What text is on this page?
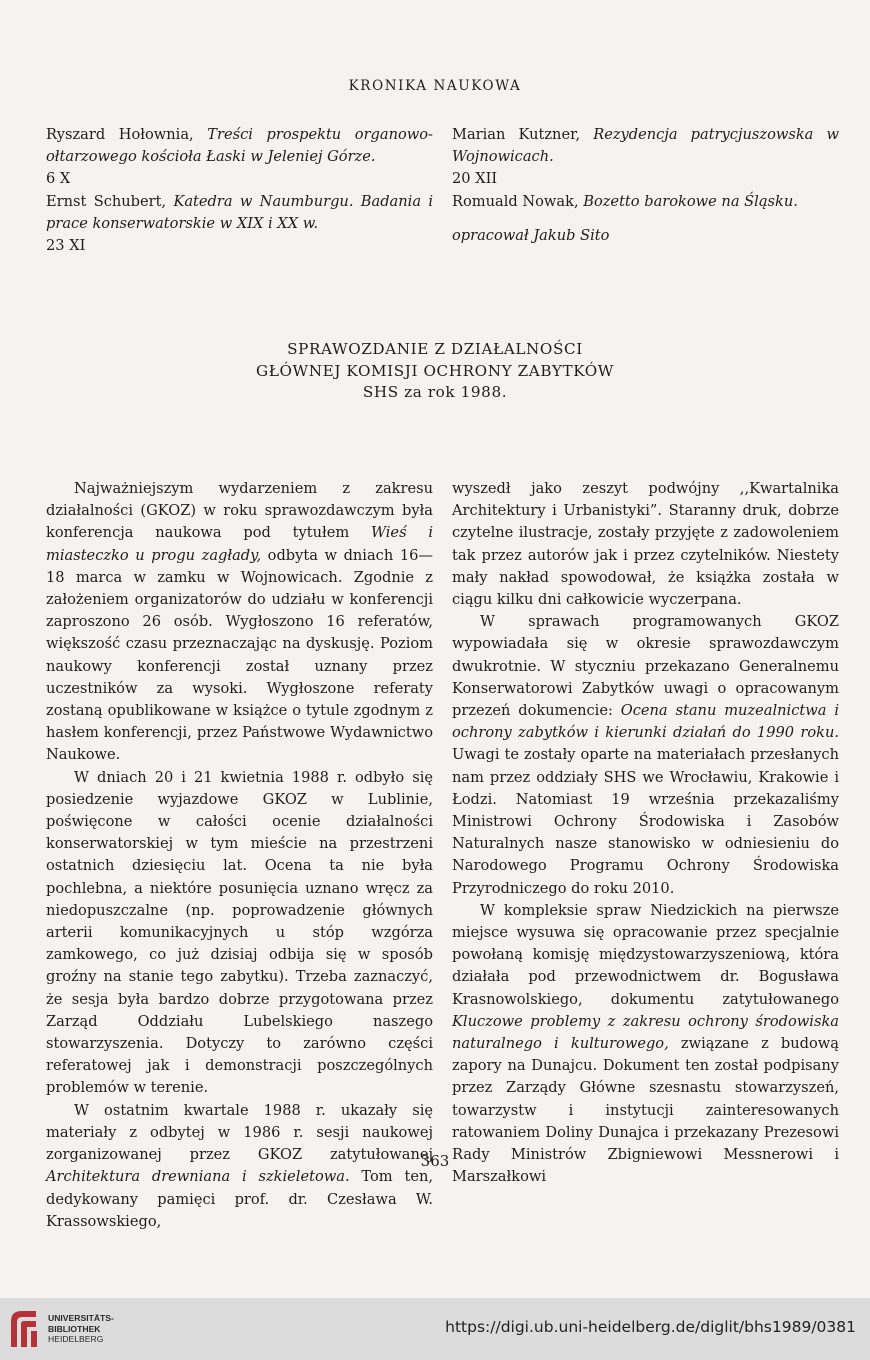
KRONIKA NAUKOWA

Ryszard Hołownia, Treści prospektu organowo-ołtarzowego kościoła Łaski w Jeleniej Górze.

6 X

Ernst Schubert, Katedra w Naumburgu. Badania i prace konserwatorskie w XIX i XX w.

23 XI

Marian Kutzner, Rezydencja patrycjuszowska w Wojnowicach.

20 XII

Romuald Nowak, Bozetto barokowe na Śląsku.

opracował Jakub Sito

SPRAWOZDANIE Z DZIAŁALNOŚCI
GŁÓWNEJ KOMISJI OCHRONY ZABYTKÓW
SHS za rok 1988.

Najważniejszym wydarzeniem z zakresu działalności (GKOZ) w roku sprawozdawczym była konferencja naukowa pod tytułem Wieś i miasteczko u progu zagłady, odbyta w dniach 16—18 marca w zamku w Wojnowicach. Zgodnie z założeniem organizatorów do udziału w konferencji zaproszono 26 osób. Wygłoszono 16 referatów, większość czasu przeznaczając na dyskusję. Poziom naukowy konferencji został uznany przez uczestników za wysoki. Wygłoszone referaty zostaną opublikowane w książce o tytule zgodnym z hasłem konferencji, przez Państwowe Wydawnictwo Naukowe.

W dniach 20 i 21 kwietnia 1988 r. odbyło się posiedzenie wyjazdowe GKOZ w Lublinie, poświęcone w całości ocenie działalności konserwatorskiej w tym mieście na przestrzeni ostatnich dziesięciu lat. Ocena ta nie była pochlebna, a niektóre posunięcia uznano wręcz za niedopuszczalne (np. poprowadzenie głównych arterii komunikacyjnych u stóp wzgórza zamkowego, co już dzisiaj odbija się w sposób groźny na stanie tego zabytku). Trzeba zaznaczyć, że sesja była bardzo dobrze przygotowana przez Zarząd Oddziału Lubelskiego naszego stowarzyszenia. Dotyczy to zarówno części referatowej jak i demonstracji poszczególnych problemów w terenie.

W ostatnim kwartale 1988 r. ukazały się materiały z odbytej w 1986 r. sesji naukowej zorganizowanej przez GKOZ zatytułowanej Architektura drewniana i szkieletowa. Tom ten, dedykowany pamięci prof. dr. Czesława W. Krassowskiego,

wyszedł jako zeszyt podwójny ,,Kwartalnika Architektury i Urbanistyki”. Staranny druk, dobrze czytelne ilustracje, zostały przyjęte z zadowoleniem tak przez autorów jak i przez czytelników. Niestety mały nakład spowodował, że książka została w ciągu kilku dni całkowicie wyczerpana.

W sprawach programowanych GKOZ wypowiadała się w okresie sprawozdawczym dwukrotnie. W styczniu przekazano Generalnemu Konserwatorowi Zabytków uwagi o opracowanym przezeń dokumencie: Ocena stanu muzealnictwa i ochrony zabytków i kierunki działań do 1990 roku. Uwagi te zostały oparte na materiałach przesłanych nam przez oddziały SHS we Wrocławiu, Krakowie i Łodzi. Natomiast 19 września przekazaliśmy Ministrowi Ochrony Środowiska i Zasobów Naturalnych nasze stanowisko w odniesieniu do Narodowego Programu Ochrony Środowiska Przyrodniczego do roku 2010.

W kompleksie spraw Niedzickich na pierwsze miejsce wysuwa się opracowanie przez specjalnie powołaną komisję międzystowarzyszeniową, która działała pod przewodnictwem dr. Bogusława Krasnowolskiego, dokumentu zatytułowanego Kluczowe problemy z zakresu ochrony środowiska naturalnego i kulturowego, związane z budową zapory na Dunajcu. Dokument ten został podpisany przez Zarządy Główne szesnastu stowarzyszeń, towarzystw i instytucji zainteresowanych ratowaniem Doliny Dunajca i przekazany Prezesowi Rady Ministrów Zbigniewowi Messnerowi i Marszałkowi

363
UNIVERSITÄTS-
BIBLIOTHEK
HEIDELBERG
https://digi.ub.uni-heidelberg.de/diglit/bhs1989/0381
